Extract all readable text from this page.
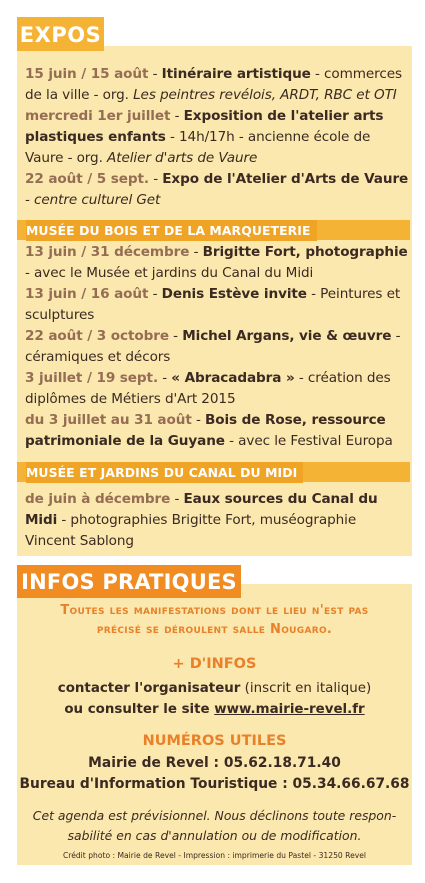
EXPOS

15 juin / 15 août - Itinéraire artistique - commerces de la ville - org. Les peintres revélois, ARDT, RBC et OTI

mercredi 1er juillet - Exposition de l'atelier arts plastiques enfants - 14h/17h - ancienne école de Vaure - org. Atelier d'arts de Vaure

22 août / 5 sept. - Expo de l'Atelier d'Arts de Vaure - centre culturel Get

MUSÉE DU BOIS ET DE LA MARQUETERIE

13 juin / 31 décembre - Brigitte Fort, photographie - avec le Musée et jardins du Canal du Midi

13 juin / 16 août - Denis Estève invite - Peintures et sculptures

22 août / 3 octobre - Michel Argans, vie & œuvre - céramiques et décors

3 juillet / 19 sept. - « Abracadabra » - création des diplômes de Métiers d'Art 2015

du 3 juillet au 31 août - Bois de Rose, ressource patrimoniale de la Guyane - avec le Festival Europa

MUSÉE ET JARDINS DU CANAL DU MIDI

de juin à décembre - Eaux sources du Canal du Midi - photographies Brigitte Fort, muséographie Vincent Sablong

INFOS PRATIQUES
Toutes les manifestations dont le lieu n'est pas
précisé se déroulent salle Nougaro.
+ D'INFOS
contacter l'organisateur (inscrit en italique)
ou consulter le site www.mairie-revel.fr
NUMÉROS UTILES
Mairie de Revel : 05.62.18.71.40
Bureau d'Information Touristique : 05.34.66.67.68
Cet agenda est prévisionnel. Nous déclinons toute respon-
sabilité en cas d'annulation ou de modification.
Crédit photo : Mairie de Revel - Impression : imprimerie du Pastel - 31250 Revel
